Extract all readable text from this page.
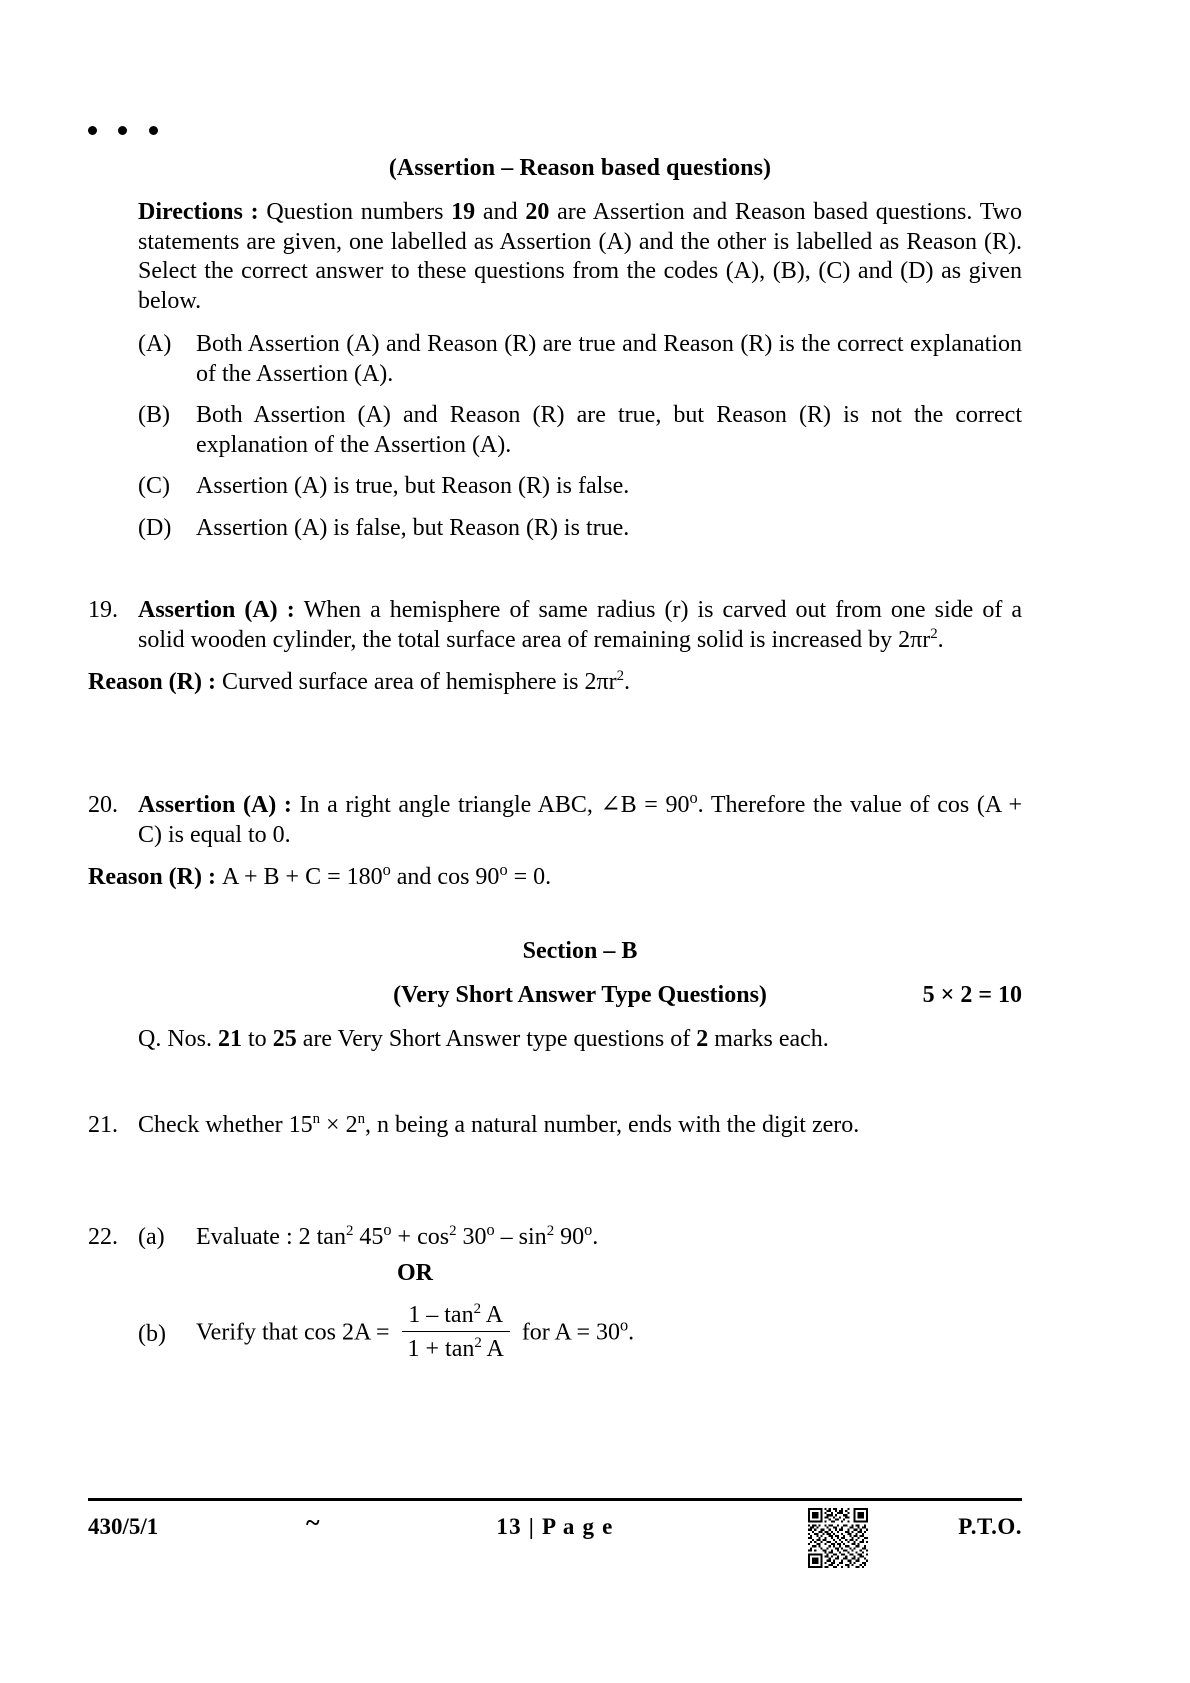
(Assertion – Reason based questions)
Directions : Question numbers 19 and 20 are Assertion and Reason based questions. Two statements are given, one labelled as Assertion (A) and the other is labelled as Reason (R). Select the correct answer to these questions from the codes (A), (B), (C) and (D) as given below.
(A)	Both Assertion (A) and Reason (R) are true and Reason (R) is the correct explanation of the Assertion (A).
(B)	Both Assertion (A) and Reason (R) are true, but Reason (R) is not the correct explanation of the Assertion (A).
(C)	Assertion (A) is true, but Reason (R) is false.
(D)	Assertion (A) is false, but Reason (R) is true.
19. Assertion (A) : When a hemisphere of same radius (r) is carved out from one side of a solid wooden cylinder, the total surface area of remaining solid is increased by $2\pi r^2$.
Reason (R) : Curved surface area of hemisphere is $2\pi r^2$.
20. Assertion (A) : In a right angle triangle ABC, ∠B = $90^o$. Therefore the value of cos (A + C) is equal to 0.
Reason (R) : $A + B + C = 180^o$ and $\cos 90^o = 0$.
Section – B
(Very Short Answer Type Questions)	5 × 2 = 10
Q. Nos. 21 to 25 are Very Short Answer type questions of 2 marks each.
21. Check whether $15^n \times 2^n$, n being a natural number, ends with the digit zero.
22. (a)	Evaluate : 2 $\tan^2 45^o + \cos^2 30^o - \sin^2 90^o$.
OR
(b)	Verify that $\cos 2A = \frac{1 - \tan^2 A}{1 + \tan^2 A}$ for $A = 30^o$.
430/5/1	~	13 | P a g e	P.T.O.
